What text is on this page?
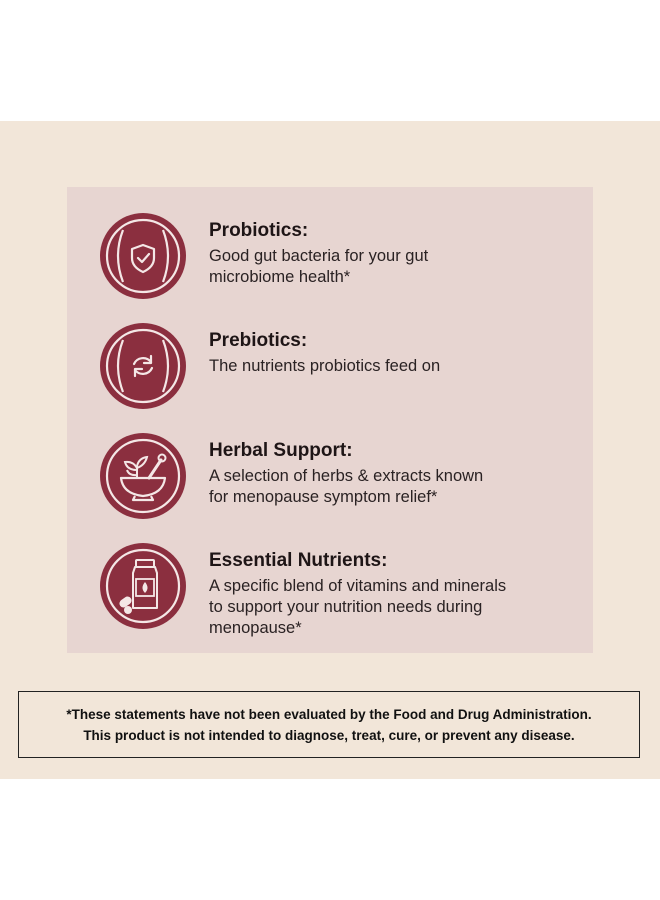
Probiotics:
Good gut bacteria for your gut
microbiome health*
Prebiotics:
The nutrients probiotics feed on
Herbal Support:
A selection of herbs & extracts known
for menopause symptom relief*
Essential Nutrients:
A specific blend of vitamins and minerals
to support your nutrition needs during
menopause*
*These statements have not been evaluated by the Food and Drug Administration.
This product is not intended to diagnose, treat, cure, or prevent any disease.
